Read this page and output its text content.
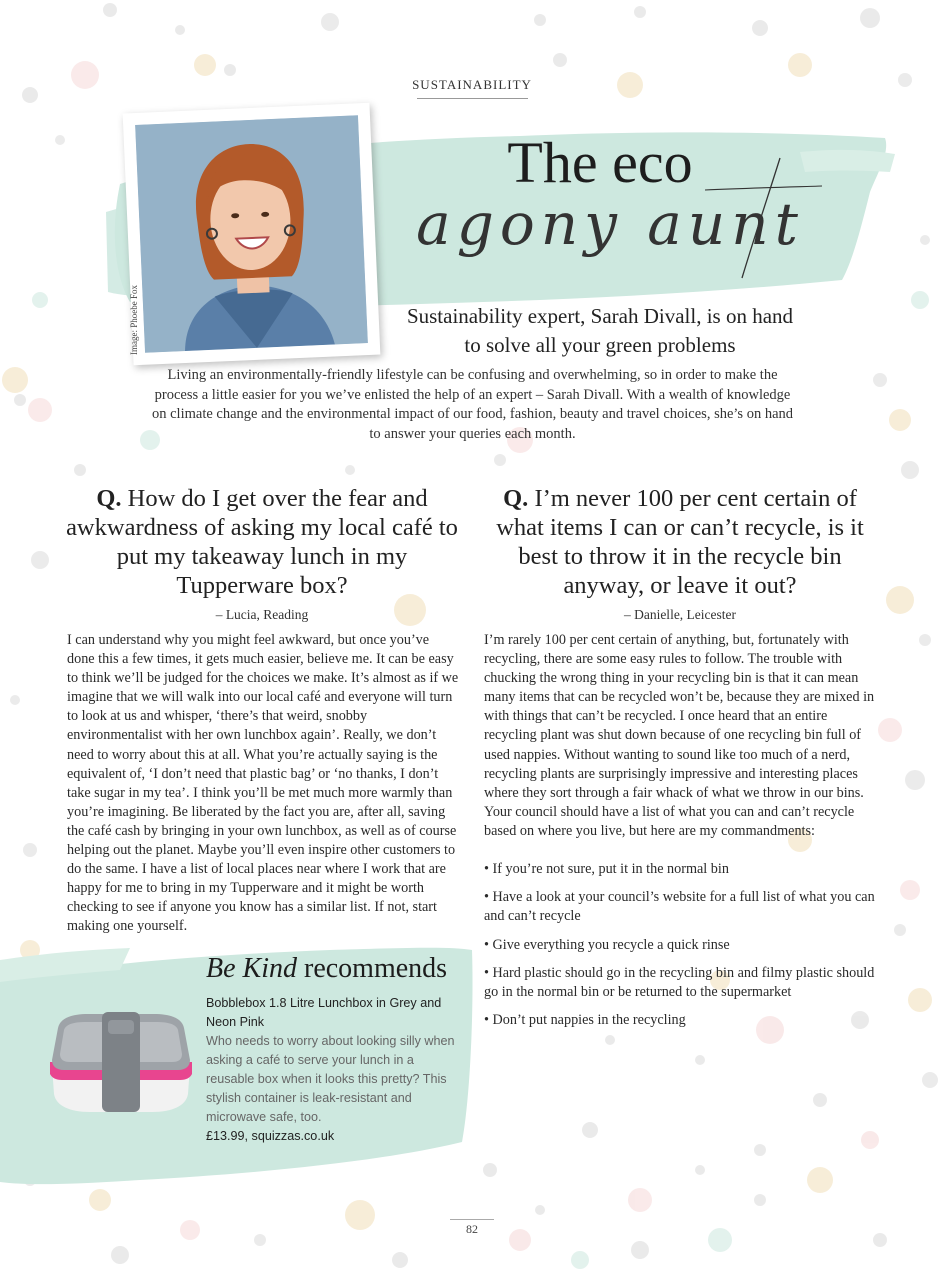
SUSTAINABILITY
The eco
agony aunt
Image: Phoebe Fox	Sustainability expert, Sarah Divall, is on hand to solve all your green problems
Living an environmentally-friendly lifestyle can be confusing and overwhelming, so in order to make the process a little easier for you we’ve enlisted the help of an expert – Sarah Divall. With a wealth of knowledge on climate change and the environmental impact of our food, fashion, beauty and travel choices, she’s on hand to answer your queries each month.
Q. How do I get over the fear and awkwardness of asking my local café to put my takeaway lunch in my Tupperware box?
– Lucia, Reading
I can understand why you might feel awkward, but once you’ve done this a few times, it gets much easier, believe me. It can be easy to think we’ll be judged for the choices we make. It’s almost as if we imagine that we will walk into our local café and everyone will turn to look at us and whisper, ‘there’s that weird, snobby environmentalist with her own lunchbox again’. Really, we don’t need to worry about this at all. What you’re actually saying is the equivalent of, ‘I don’t need that plastic bag’ or ‘no thanks, I don’t take sugar in my tea’. I think you’ll be met much more warmly than you’re imagining. Be liberated by the fact you are, after all, saving the café cash by bringing in your own lunchbox, as well as of course helping out the planet. Maybe you’ll even inspire other customers to do the same. I have a list of local places near where I work that are happy for me to bring in my Tupperware and it might be worth checking to see if anyone you know has a similar list. If not, start making one yourself.
Q. I’m never 100 per cent certain of what items I can or can’t recycle, is it best to throw it in the recycle bin anyway, or leave it out?
– Danielle, Leicester
I’m rarely 100 per cent certain of anything, but, fortunately with recycling, there are some easy rules to follow. The trouble with chucking the wrong thing in your recycling bin is that it can mean many items that can be recycled won’t be, because they are mixed in with things that can’t be recycled. I once heard that an entire recycling plant was shut down because of one recycling bin full of used nappies. Without wanting to sound like too much of a nerd, recycling plants are surprisingly impressive and interesting places where they sort through a fair whack of what we throw in our bins. Your council should have a list of what you can and can’t recycle based on where you live, but here are my commandments:
• If you’re not sure, put it in the normal bin
• Have a look at your council’s website for a full list of what you can and can’t recycle
• Give everything you recycle a quick rinse
• Hard plastic should go in the recycling bin and filmy plastic should go in the normal bin or be returned to the supermarket
• Don’t put nappies in the recycling
Be Kind recommends
Bobblebox 1.8 Litre Lunchbox in Grey and Neon Pink
Who needs to worry about looking silly when asking a café to serve your lunch in a reusable box when it looks this pretty? This stylish container is leak-resistant and microwave safe, too.
£13.99, squizzas.co.uk
82
